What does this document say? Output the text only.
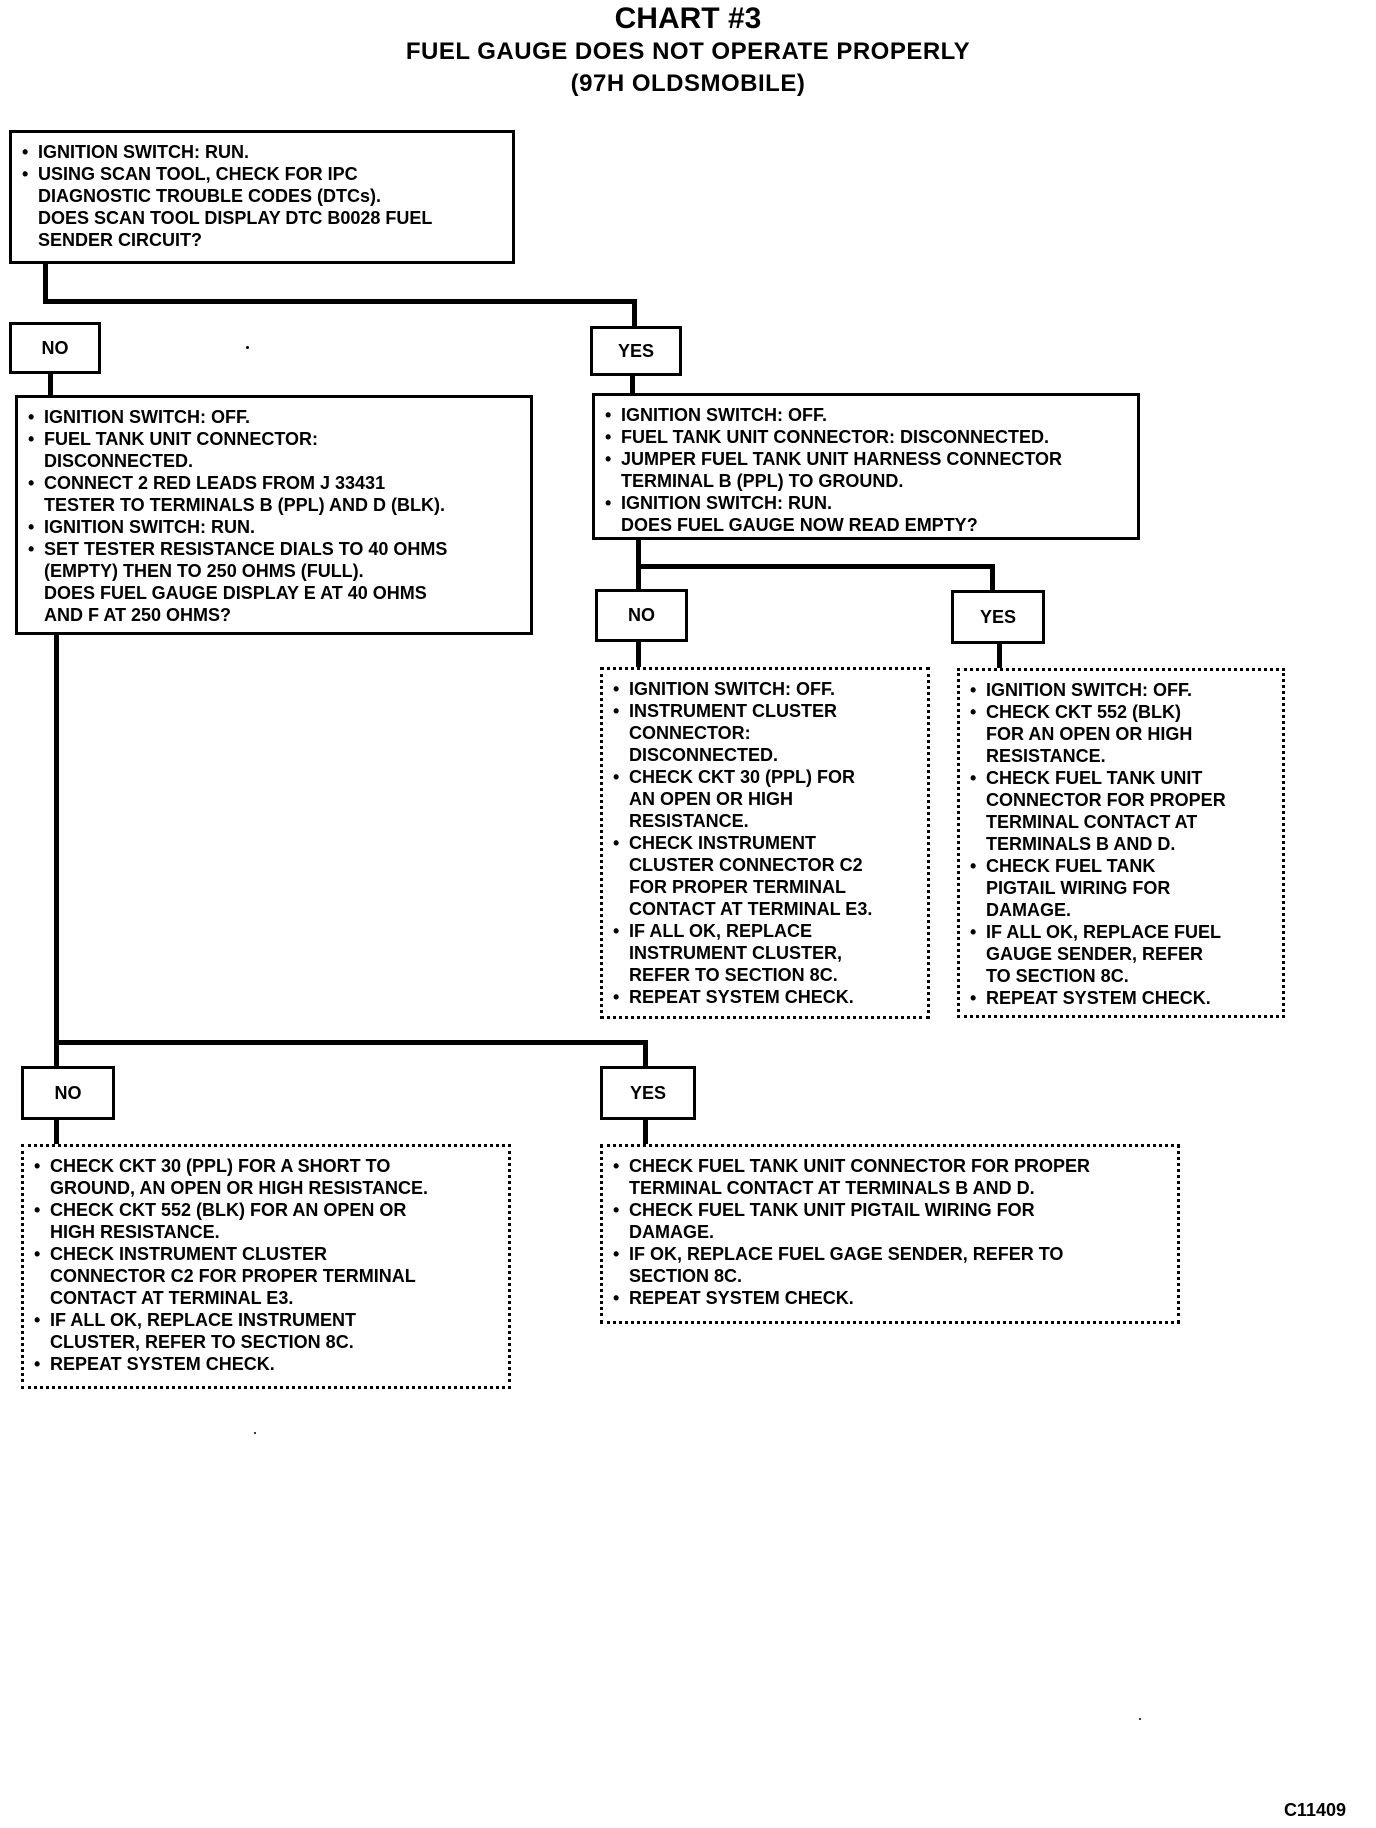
CHART #3
FUEL GAUGE DOES NOT OPERATE PROPERLY
(97H OLDSMOBILE)
• IGNITION SWITCH: RUN.
• USING SCAN TOOL, CHECK FOR IPC
DIAGNOSTIC TROUBLE CODES (DTCs).
DOES SCAN TOOL DISPLAY DTC B0028 FUEL
SENDER CIRCUIT?
NO	YES
• IGNITION SWITCH: OFF.
• FUEL TANK UNIT CONNECTOR:
DISCONNECTED.
• CONNECT 2 RED LEADS FROM J 33431
TESTER TO TERMINALS B (PPL) AND D (BLK).
• IGNITION SWITCH: RUN.
• SET TESTER RESISTANCE DIALS TO 40 OHMS
(EMPTY) THEN TO 250 OHMS (FULL).
DOES FUEL GAUGE DISPLAY E AT 40 OHMS
AND F AT 250 OHMS?
• IGNITION SWITCH: OFF.
• FUEL TANK UNIT CONNECTOR: DISCONNECTED.
• JUMPER FUEL TANK UNIT HARNESS CONNECTOR
TERMINAL B (PPL) TO GROUND.
• IGNITION SWITCH: RUN.
DOES FUEL GAUGE NOW READ EMPTY?
NO	YES
• IGNITION SWITCH: OFF.
• INSTRUMENT CLUSTER
CONNECTOR:
DISCONNECTED.
• CHECK CKT 30 (PPL) FOR
AN OPEN OR HIGH
RESISTANCE.
• CHECK INSTRUMENT
CLUSTER CONNECTOR C2
FOR PROPER TERMINAL
CONTACT AT TERMINAL E3.
• IF ALL OK, REPLACE
INSTRUMENT CLUSTER,
REFER TO SECTION 8C.
• REPEAT SYSTEM CHECK.
• IGNITION SWITCH: OFF.
• CHECK CKT 552 (BLK)
FOR AN OPEN OR HIGH
RESISTANCE.
• CHECK FUEL TANK UNIT
CONNECTOR FOR PROPER
TERMINAL CONTACT AT
TERMINALS B AND D.
• CHECK FUEL TANK
PIGTAIL WIRING FOR
DAMAGE.
• IF ALL OK, REPLACE FUEL
GAUGE SENDER, REFER
TO SECTION 8C.
• REPEAT SYSTEM CHECK.
NO	YES
• CHECK CKT 30 (PPL) FOR A SHORT TO
GROUND, AN OPEN OR HIGH RESISTANCE.
• CHECK CKT 552 (BLK) FOR AN OPEN OR
HIGH RESISTANCE.
• CHECK INSTRUMENT CLUSTER
CONNECTOR C2 FOR PROPER TERMINAL
CONTACT AT TERMINAL E3.
• IF ALL OK, REPLACE INSTRUMENT
CLUSTER, REFER TO SECTION 8C.
• REPEAT SYSTEM CHECK.
• CHECK FUEL TANK UNIT CONNECTOR FOR PROPER
TERMINAL CONTACT AT TERMINALS B AND D.
• CHECK FUEL TANK UNIT PIGTAIL WIRING FOR
DAMAGE.
• IF OK, REPLACE FUEL GAGE SENDER, REFER TO
SECTION 8C.
• REPEAT SYSTEM CHECK.
C11409
